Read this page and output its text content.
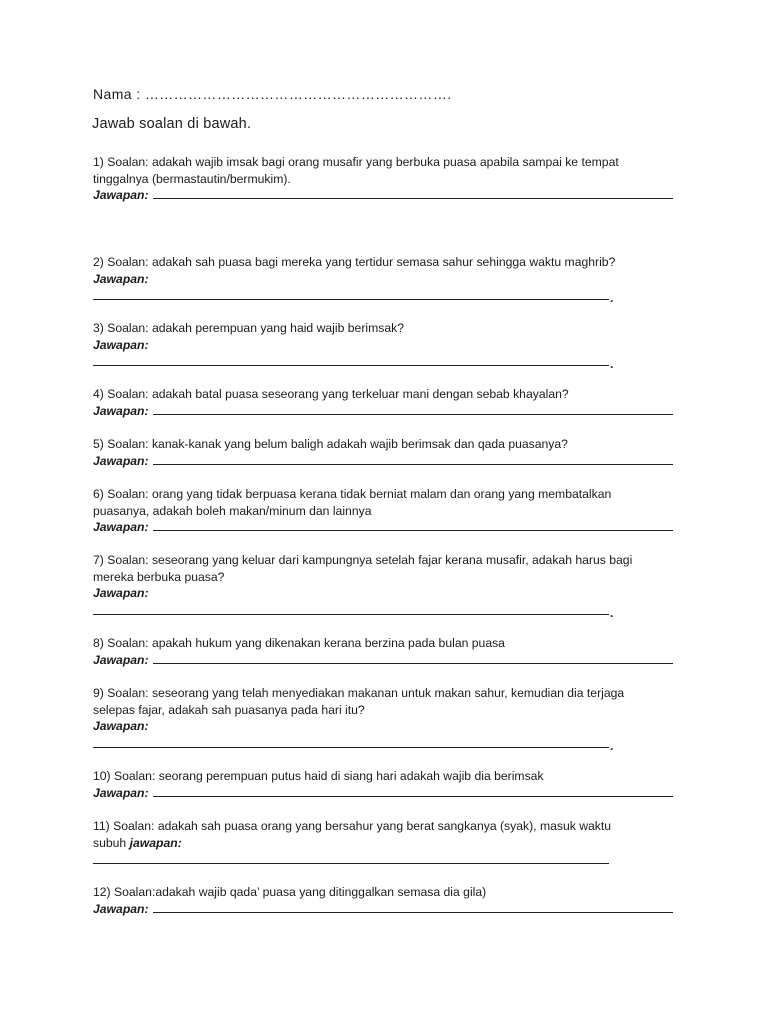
Nama : ……………………………………………………….
Jawab soalan di bawah.
1) Soalan: adakah wajib imsak bagi orang musafir yang berbuka puasa apabila sampai ke tempat
tinggalnya (bermastautin/bermukim).
Jawapan:
2) Soalan: adakah sah puasa bagi mereka yang tertidur semasa sahur sehingga waktu maghrib?
Jawapan:
.
3) Soalan: adakah perempuan yang haid wajib berimsak?
Jawapan:
.
4) Soalan: adakah batal puasa seseorang yang terkeluar mani dengan sebab khayalan?
Jawapan:
5) Soalan: kanak-kanak yang belum baligh adakah wajib berimsak dan qada puasanya?
Jawapan:
6) Soalan: orang yang tidak berpuasa kerana tidak berniat malam dan orang yang membatalkan
puasanya, adakah boleh makan/minum dan lainnya
Jawapan:
7) Soalan: seseorang yang keluar dari kampungnya setelah fajar kerana musafir, adakah harus bagi
mereka berbuka puasa?
Jawapan:
.
8) Soalan: apakah hukum yang dikenakan kerana berzina pada bulan puasa
Jawapan:
9) Soalan: seseorang yang telah menyediakan makanan untuk makan sahur, kemudian dia terjaga
selepas fajar, adakah sah puasanya pada hari itu?
Jawapan:
.
10) Soalan: seorang perempuan putus haid di siang hari adakah wajib dia berimsak
Jawapan:
11) Soalan: adakah sah puasa orang yang bersahur yang berat sangkanya (syak), masuk waktu
subuh jawapan:
12) Soalan:adakah wajib qada’ puasa yang ditinggalkan semasa dia gila)
Jawapan:
